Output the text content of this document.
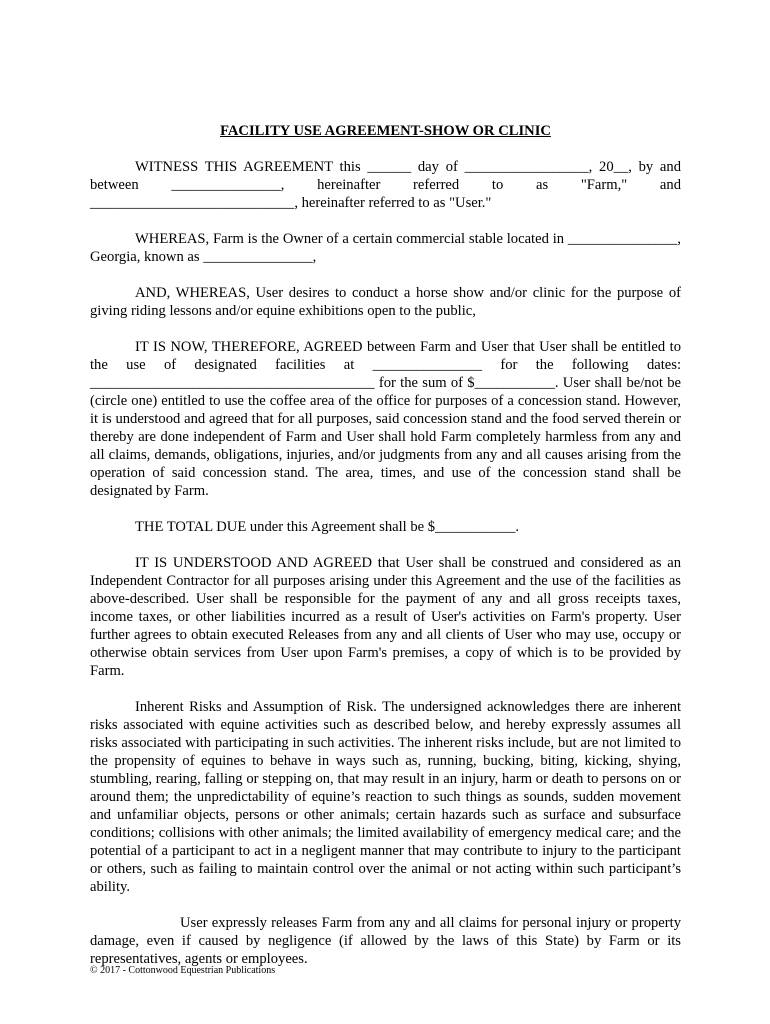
FACILITY USE AGREEMENT-SHOW OR CLINIC

WITNESS THIS AGREEMENT this ______ day of _________________, 20__, by and between _______________, hereinafter referred to as "Farm," and ____________________________, hereinafter referred to as "User."

WHEREAS, Farm is the Owner of a certain commercial stable located in _______________, Georgia, known as _______________,

AND, WHEREAS, User desires to conduct a horse show and/or clinic for the purpose of giving riding lessons and/or equine exhibitions open to the public,

IT IS NOW, THEREFORE, AGREED between Farm and User that User shall be entitled to the use of designated facilities at _______________ for the following dates: _______________________________________ for the sum of $___________. User shall be/not be (circle one) entitled to use the coffee area of the office for purposes of a concession stand. However, it is understood and agreed that for all purposes, said concession stand and the food served therein or thereby are done independent of Farm and User shall hold Farm completely harmless from any and all claims, demands, obligations, injuries, and/or judgments from any and all causes arising from the operation of said concession stand. The area, times, and use of the concession stand shall be designated by Farm.

THE TOTAL DUE under this Agreement shall be $___________.

IT IS UNDERSTOOD AND AGREED that User shall be construed and considered as an Independent Contractor for all purposes arising under this Agreement and the use of the facilities as above-described. User shall be responsible for the payment of any and all gross receipts taxes, income taxes, or other liabilities incurred as a result of User's activities on Farm's property. User further agrees to obtain executed Releases from any and all clients of User who may use, occupy or otherwise obtain services from User upon Farm's premises, a copy of which is to be provided by Farm.

Inherent Risks and Assumption of Risk. The undersigned acknowledges there are inherent risks associated with equine activities such as described below, and hereby expressly assumes all risks associated with participating in such activities. The inherent risks include, but are not limited to the propensity of equines to behave in ways such as, running, bucking, biting, kicking, shying, stumbling, rearing, falling or stepping on, that may result in an injury, harm or death to persons on or around them; the unpredictability of equine’s reaction to such things as sounds, sudden movement and unfamiliar objects, persons or other animals; certain hazards such as surface and subsurface conditions; collisions with other animals; the limited availability of emergency medical care; and the potential of a participant to act in a negligent manner that may contribute to injury to the participant or others, such as failing to maintain control over the animal or not acting within such participant’s ability.

User expressly releases Farm from any and all claims for personal injury or property damage, even if caused by negligence (if allowed by the laws of this State) by Farm or its representatives, agents or employees.

© 2017 - Cottonwood Equestrian Publications
